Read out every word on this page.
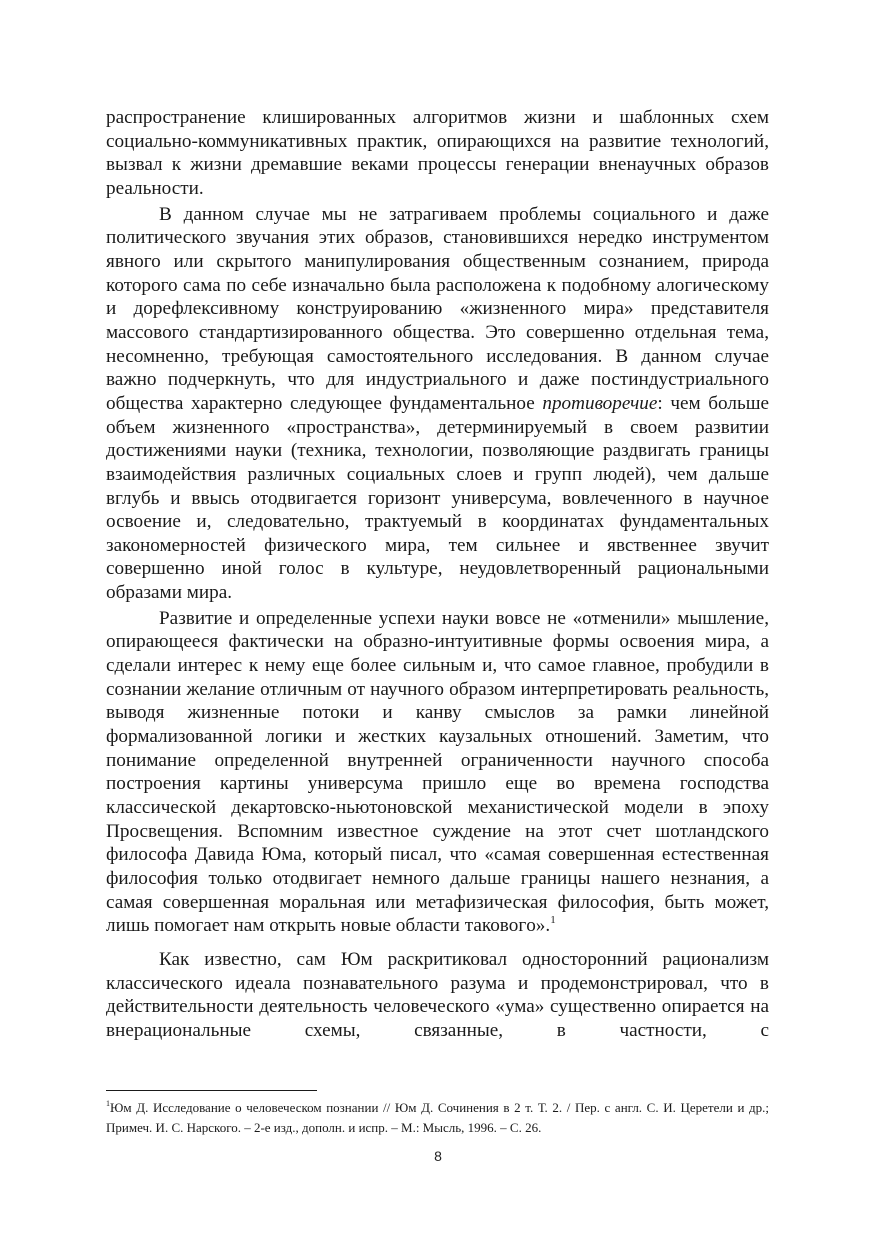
распространение клишированных алгоритмов жизни и шаблонных схем социально-коммуникативных практик, опирающихся на развитие технологий, вызвал к жизни дремавшие веками процессы генерации вненаучных образов реальности.

В данном случае мы не затрагиваем проблемы социального и даже политического звучания этих образов, становившихся нередко инструментом явного или скрытого манипулирования общественным сознанием, природа которого сама по себе изначально была расположена к подобному алогическому и дорефлексивному конструированию «жизненного мира» представителя массового стандартизированного общества. Это совершенно отдельная тема, несомненно, требующая самостоятельного исследования. В данном случае важно подчеркнуть, что для индустриального и даже постиндустриального общества характерно следующее фундаментальное противоречие: чем больше объем жизненного «пространства», детерминируемый в своем развитии достижениями науки (техника, технологии, позволяющие раздвигать границы взаимодействия различных социальных слоев и групп людей), чем дальше вглубь и ввысь отодвигается горизонт универсума, вовлеченного в научное освоение и, следовательно, трактуемый в координатах фундаментальных закономерностей физического мира, тем сильнее и явственнее звучит совершенно иной голос в культуре, неудовлетворенный рациональными образами мира.

Развитие и определенные успехи науки вовсе не «отменили» мышление, опирающееся фактически на образно-интуитивные формы освоения мира, а сделали интерес к нему еще более сильным и, что самое главное, пробудили в сознании желание отличным от научного образом интерпретировать реальность, выводя жизненные потоки и канву смыслов за рамки линейной формализованной логики и жестких каузальных отношений. Заметим, что понимание определенной внутренней ограниченности научного способа построения картины универсума пришло еще во времена господства классической декартовско-ньютоновской механистической модели в эпоху Просвещения. Вспомним известное суждение на этот счет шотландского философа Давида Юма, который писал, что «самая совершенная естественная философия только отодвигает немного дальше границы нашего незнания, а самая совершенная моральная или метафизическая философия, быть может, лишь помогает нам открыть новые области таковогo».$^1$

Как известно, сам Юм раскритиковал односторонний рационализм классического идеала познавательного разума и продемонстрировал, что в действительности деятельность человеческого «ума» существенно опирается на внерациональные схемы, связанные, в частности, с

$^1$Юм Д. Исследование о человеческом познании // Юм Д. Сочинения в 2 т. Т. 2. / Пер. с англ. С. И. Церетели и др.; Примеч. И. С. Нарского. – 2-е изд., дополн. и испр. – М.: Мысль, 1996. – С. 26.
8
